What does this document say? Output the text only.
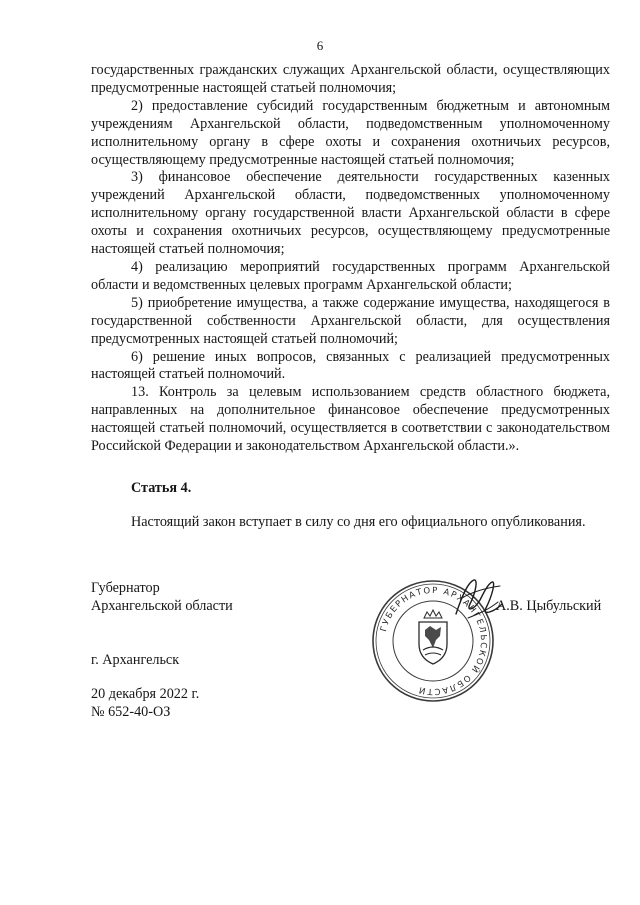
6

государственных гражданских служащих Архангельской области, осуществляющих предусмотренные настоящей статьей полномочия;

2) предоставление субсидий государственным бюджетным и автономным учреждениям Архангельской области, подведомственным уполномоченному исполнительному органу в сфере охоты и сохранения охотничьих ресурсов, осуществляющему предусмотренные настоящей статьей полномочия;

3) финансовое обеспечение деятельности государственных казенных учреждений Архангельской области, подведомственных уполномоченному исполнительному органу государственной власти Архангельской области в сфере охоты и сохранения охотничьих ресурсов, осуществляющему предусмотренные настоящей статьей полномочия;

4) реализацию мероприятий государственных программ Архангельской области и ведомственных целевых программ Архангельской области;

5) приобретение имущества, а также содержание имущества, находящегося в государственной собственности Архангельской области, для осуществления предусмотренных настоящей статьей полномочий;

6) решение иных вопросов, связанных с реализацией предусмотренных настоящей статьей полномочий.

13. Контроль за целевым использованием средств областного бюджета, направленных на дополнительное финансовое обеспечение предусмотренных настоящей статьей полномочий, осуществляется в соответствии с законодательством Российской Федерации и законодательством Архангельской области.».

Статья 4.

Настоящий закон вступает в силу со дня его официального опубликования.

Губернатор
Архангельской области
ГУБЕРНАТОР АРХАНГЕЛЬСКОЙ ОБЛАСТИ
А.В. Цыбульский
г. Архангельск
20 декабря 2022 г.
№ 652-40-ОЗ
